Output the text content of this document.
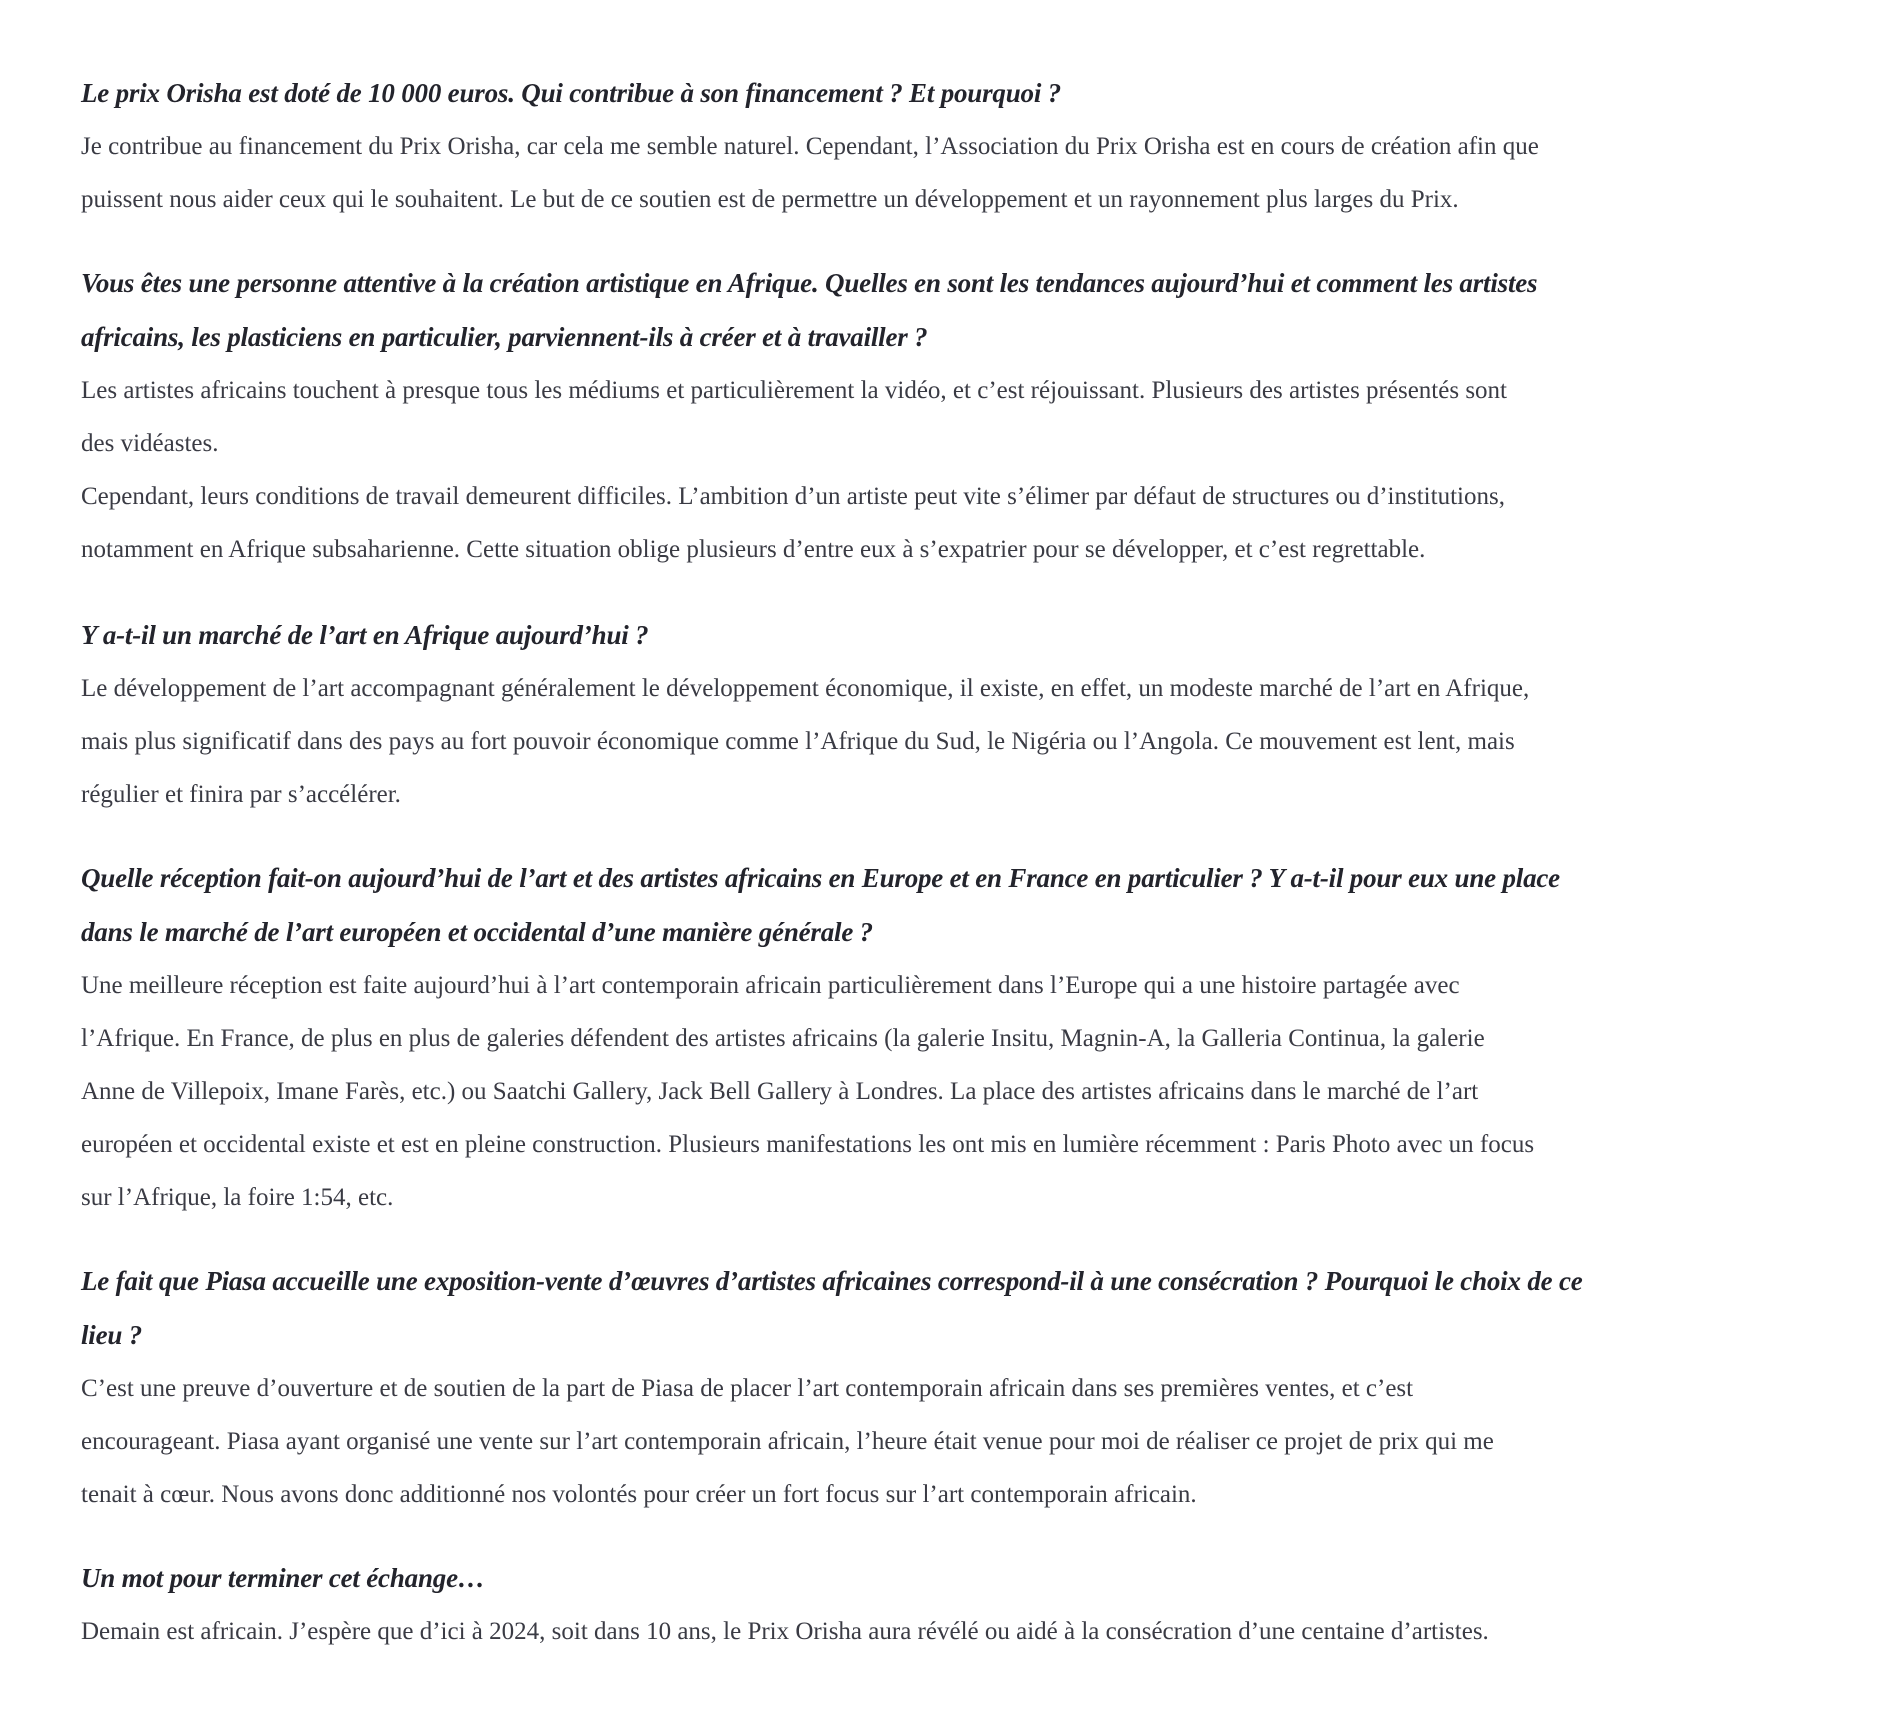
Le prix Orisha est doté de 10 000 euros. Qui contribue à son financement ? Et pourquoi ?
Je contribue au financement du Prix Orisha, car cela me semble naturel. Cependant, l’Association du Prix Orisha est en cours de création afin que
puissent nous aider ceux qui le souhaitent. Le but de ce soutien est de permettre un développement et un rayonnement plus larges du Prix.
Vous êtes une personne attentive à la création artistique en Afrique. Quelles en sont les tendances aujourd’hui et comment les artistes
africains, les plasticiens en particulier, parviennent-ils à créer et à travailler ?
Les artistes africains touchent à presque tous les médiums et particulièrement la vidéo, et c’est réjouissant. Plusieurs des artistes présentés sont
des vidéastes.
Cependant, leurs conditions de travail demeurent difficiles. L’ambition d’un artiste peut vite s’élimer par défaut de structures ou d’institutions,
notamment en Afrique subsaharienne. Cette situation oblige plusieurs d’entre eux à s’expatrier pour se développer, et c’est regrettable.
Y a-t-il un marché de l’art en Afrique aujourd’hui ?
Le développement de l’art accompagnant généralement le développement économique, il existe, en effet, un modeste marché de l’art en Afrique,
mais plus significatif dans des pays au fort pouvoir économique comme l’Afrique du Sud, le Nigéria ou l’Angola. Ce mouvement est lent, mais
régulier et finira par s’accélérer.
Quelle réception fait-on aujourd’hui de l’art et des artistes africains en Europe et en France en particulier ? Y a-t-il pour eux une place
dans le marché de l’art européen et occidental d’une manière générale ?
Une meilleure réception est faite aujourd’hui à l’art contemporain africain particulièrement dans l’Europe qui a une histoire partagée avec
l’Afrique. En France, de plus en plus de galeries défendent des artistes africains (la galerie Insitu, Magnin-A, la Galleria Continua, la galerie
Anne de Villepoix, Imane Farès, etc.) ou Saatchi Gallery, Jack Bell Gallery à Londres. La place des artistes africains dans le marché de l’art
européen et occidental existe et est en pleine construction. Plusieurs manifestations les ont mis en lumière récemment : Paris Photo avec un focus
sur l’Afrique, la foire 1:54, etc.
Le fait que Piasa accueille une exposition-vente d’œuvres d’artistes africaines correspond-il à une consécration ? Pourquoi le choix de ce
lieu ?
C’est une preuve d’ouverture et de soutien de la part de Piasa de placer l’art contemporain africain dans ses premières ventes, et c’est
encourageant. Piasa ayant organisé une vente sur l’art contemporain africain, l’heure était venue pour moi de réaliser ce projet de prix qui me
tenait à cœur. Nous avons donc additionné nos volontés pour créer un fort focus sur l’art contemporain africain.
Un mot pour terminer cet échange…
Demain est africain. J’espère que d’ici à 2024, soit dans 10 ans, le Prix Orisha aura révélé ou aidé à la consécration d’une centaine d’artistes.
